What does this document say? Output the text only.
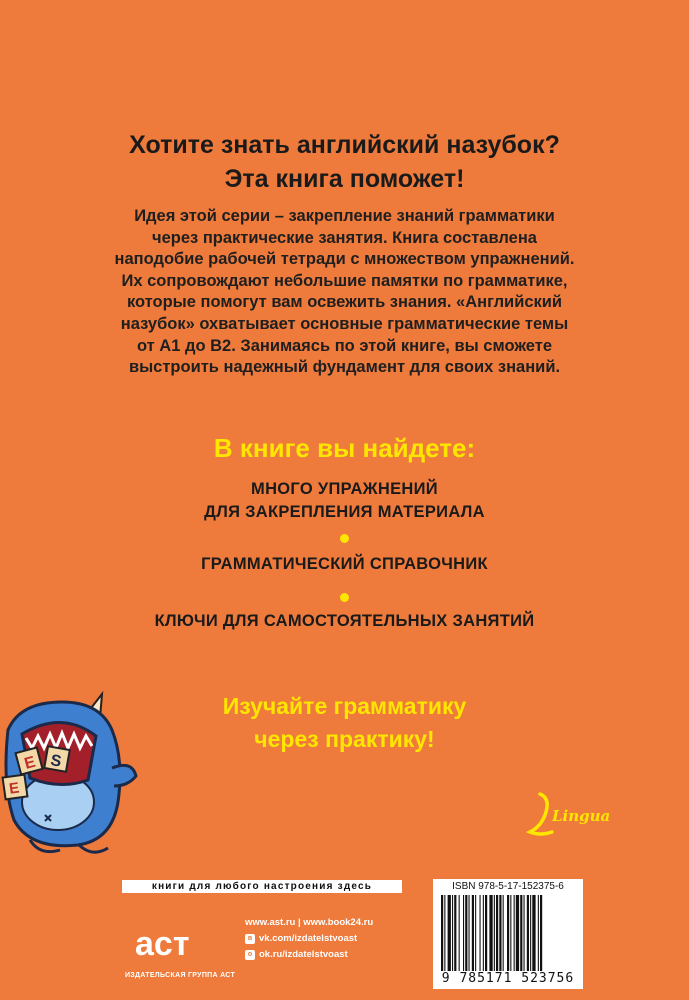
Хотите знать английский назубок?
Эта книга поможет!
Идея этой серии – закрепление знаний грамматики
через практические занятия. Книга составлена
наподобие рабочей тетради с множеством упражнений.
Их сопровождают небольшие памятки по грамматике,
которые помогут вам освежить знания. «Английский
назубок» охватывает основные грамматические темы
от А1 до В2. Занимаясь по этой книге, вы сможете
выстроить надежный фундамент для своих знаний.
В книге вы найдете:
МНОГО УПРАЖНЕНИЙ
ДЛЯ ЗАКРЕПЛЕНИЯ МАТЕРИАЛА
ГРАММАТИЧЕСКИЙ СПРАВОЧНИК
КЛЮЧИ ДЛЯ САМОСТОЯТЕЛЬНЫХ ЗАНЯТИЙ
Изучайте грамматику
через практику!
E S
E
Lingua
книги для любого настроения здесь
аст
ИЗДАТЕЛЬСКАЯ ГРУППА АСТ
www.ast.ru | www.book24.ru
в vk.com/izdatelstvoast
o ok.ru/izdatelstvoast
ISBN 978-5-17-152375-6
9 785171 523756
